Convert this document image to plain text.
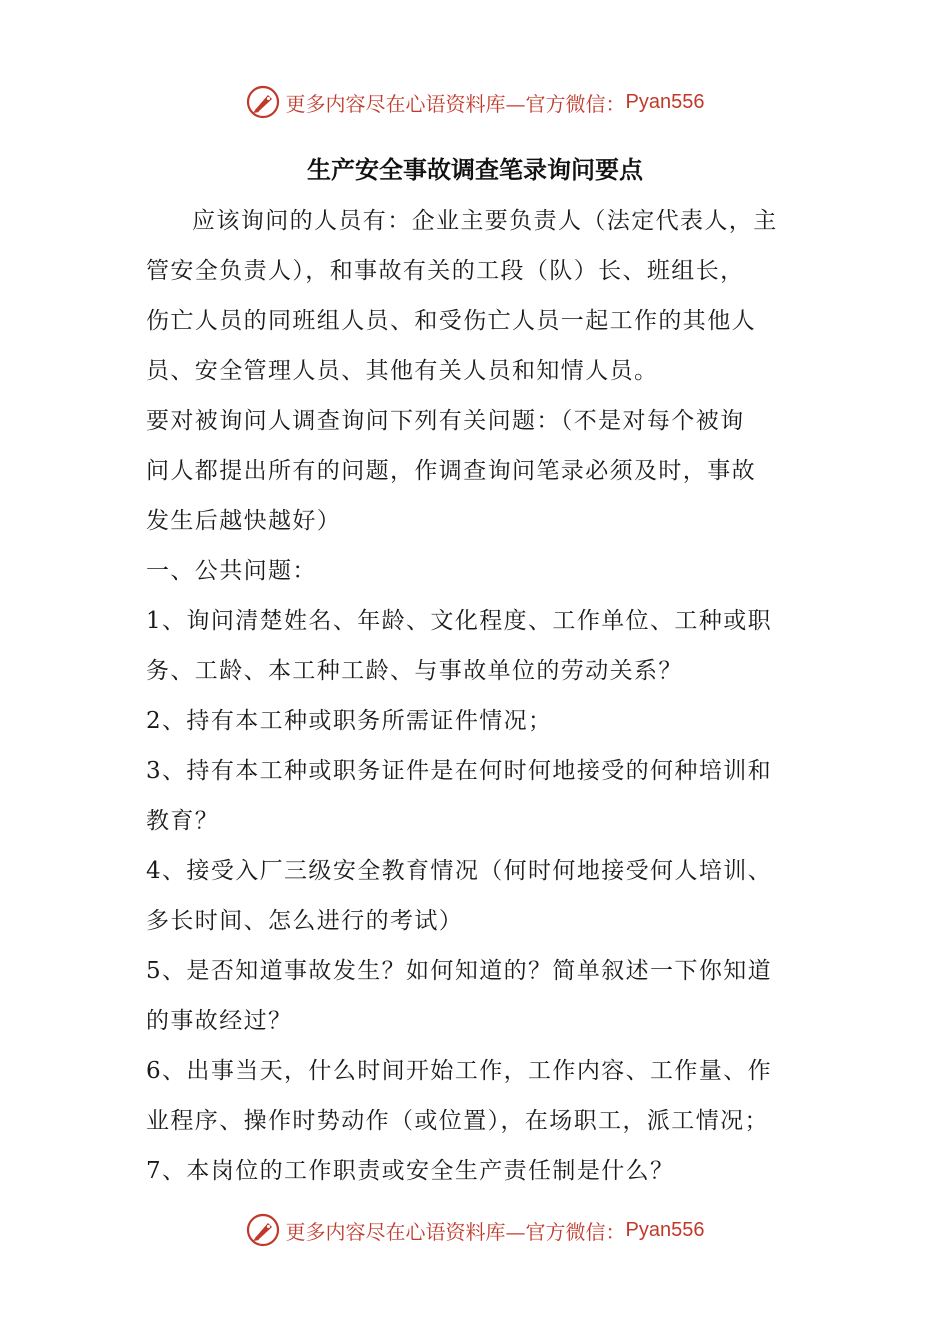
更多内容尽在心语资料库—官方微信： Pyan556
生产安全事故调查笔录询问要点
应该询问的人员有：企业主要负责人（法定代表人，主
管安全负责人），和事故有关的工段（队）长、班组长，
伤亡人员的同班组人员、和受伤亡人员一起工作的其他人
员、安全管理人员、其他有关人员和知情人员。
要对被询问人调查询问下列有关问题：（不是对每个被询
问人都提出所有的问题，作调查询问笔录必须及时，事故
发生后越快越好）
一、公共问题：
1、询问清楚姓名、年龄、文化程度、工作单位、工种或职
务、工龄、本工种工龄、与事故单位的劳动关系？
2、持有本工种或职务所需证件情况；
3、持有本工种或职务证件是在何时何地接受的何种培训和
教育？
4、接受入厂三级安全教育情况（何时何地接受何人培训、
多长时间、怎么进行的考试）
5、是否知道事故发生？如何知道的？简单叙述一下你知道
的事故经过？
6、出事当天，什么时间开始工作，工作内容、工作量、作
业程序、操作时势动作（或位置），在场职工，派工情况；
7、本岗位的工作职责或安全生产责任制是什么？
更多内容尽在心语资料库—官方微信： Pyan556
